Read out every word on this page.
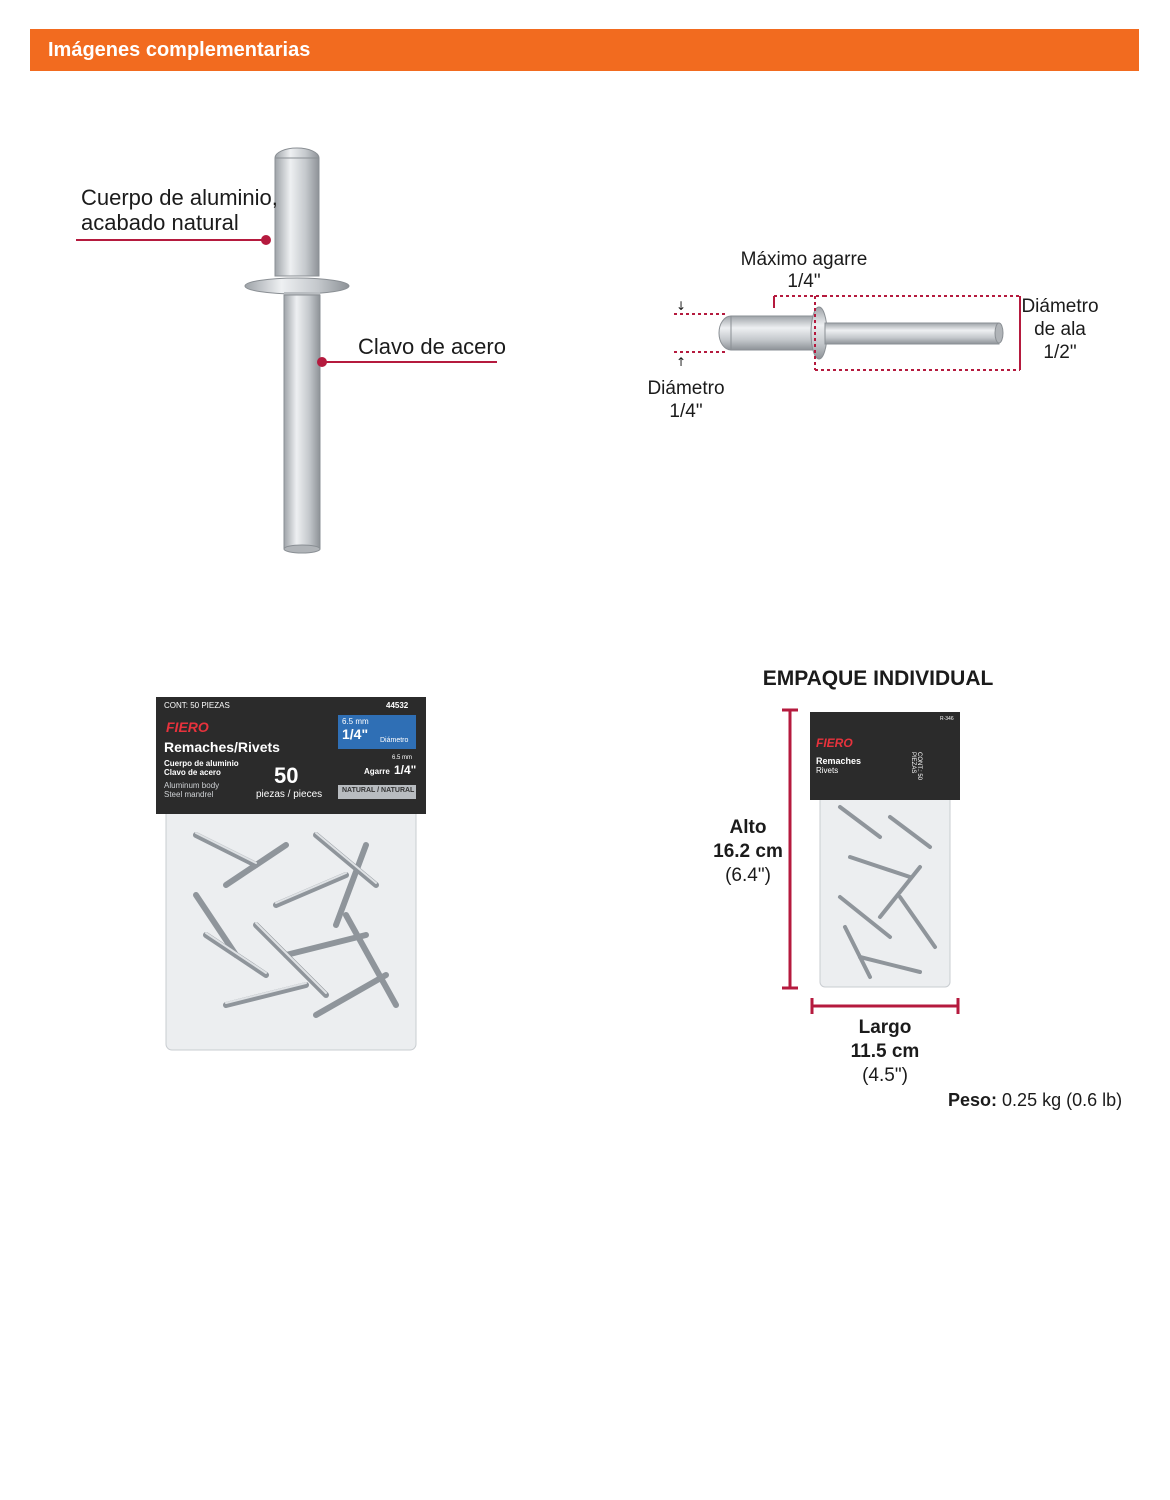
Imágenes complementarias
Cuerpo de aluminio,
acabado natural
Clavo de acero
↓
↑
Máximo agarre
1/4"
Diámetro
de ala
1/2"
Diámetro
1/4"
CONT: 50 PIEZAS	44532
FIERO
Remaches/Rivets
Cuerpo de aluminio
Clavo de acero
Aluminum body
Steel mandrel
50
piezas / pieces
6.5 mm
1/4" Diámetro
6.5 mm
Agarre 1/4"
NATURAL / NATURAL
EMPAQUE INDIVIDUAL
R-346
FIERO
Remaches
Rivets	CONT.: 50 PIEZAS
Alto
16.2 cm
(6.4")
Largo
11.5 cm
(4.5")
Peso: 0.25 kg (0.6 lb)
